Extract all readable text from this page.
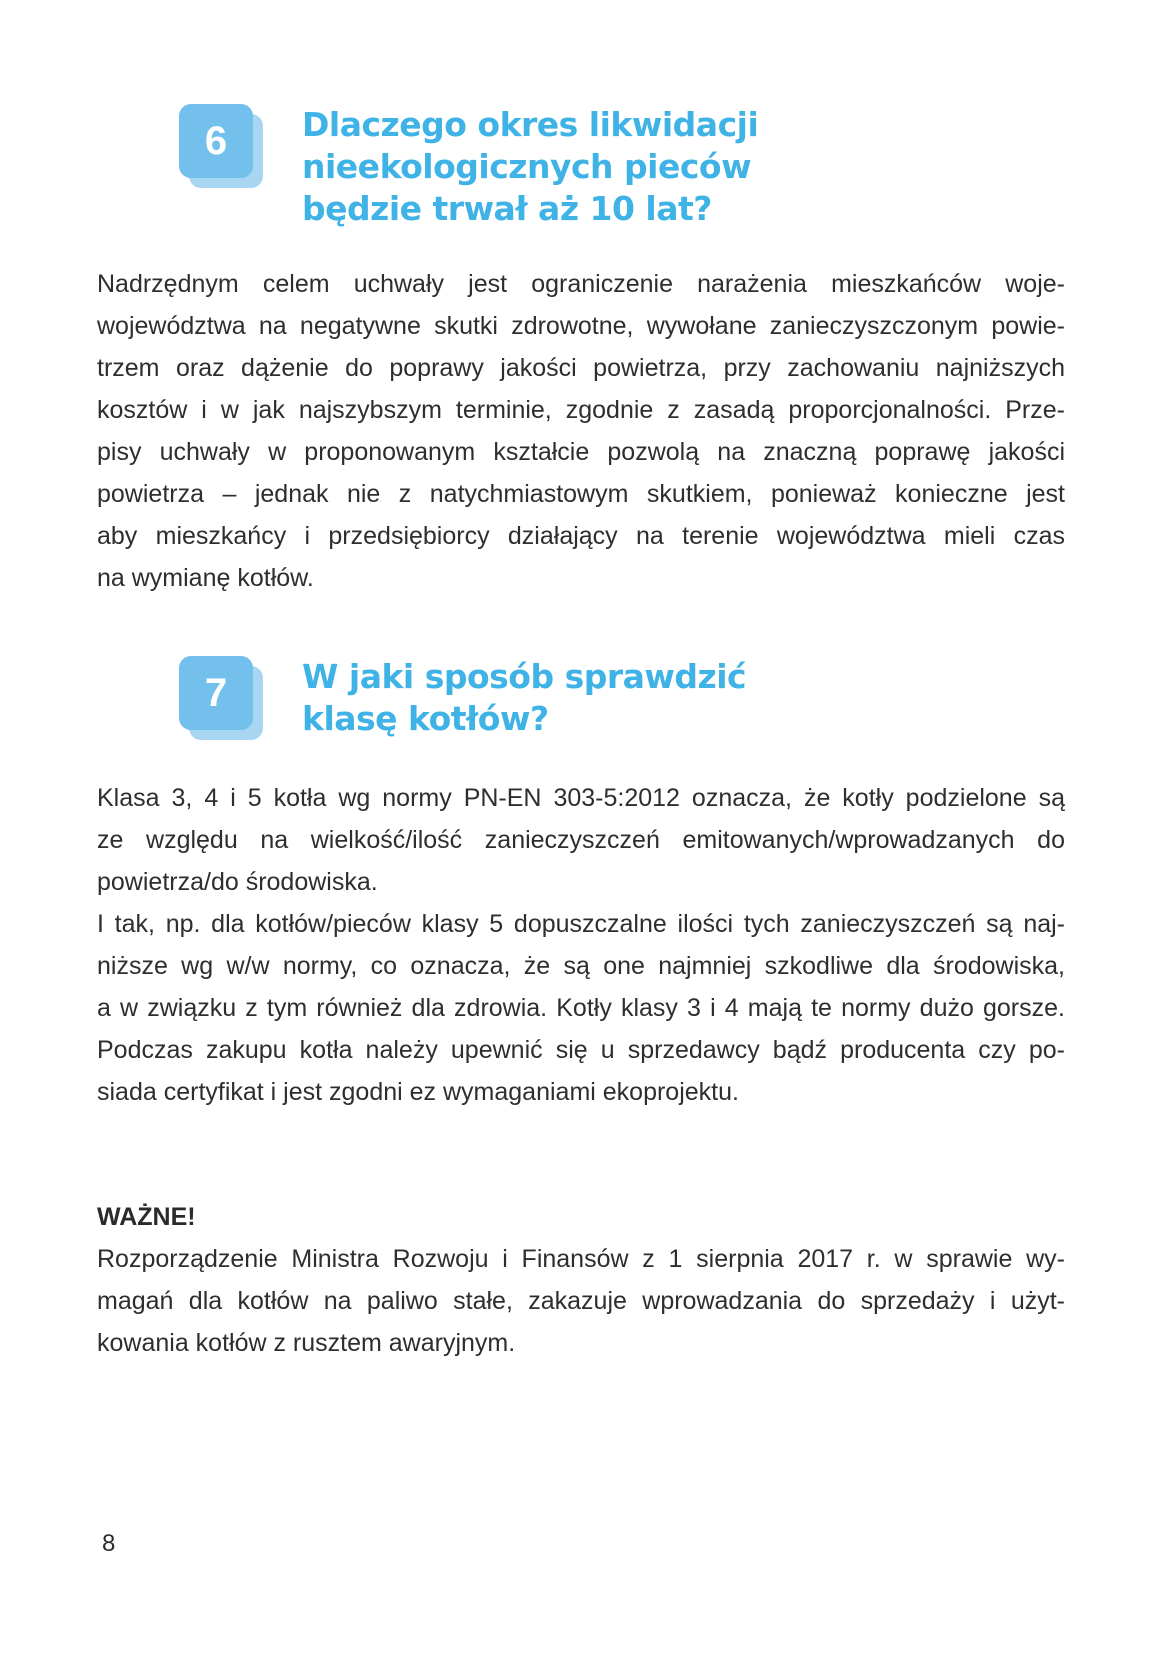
6	Dlaczego okres likwidacji
nieekologicznych pieców
będzie trwał aż 10 lat?
Nadrzędnym celem uchwały jest ograniczenie narażenia mieszkańców woje-
województwa na negatywne skutki zdrowotne, wywołane zanieczyszczonym powie-
trzem oraz dążenie do poprawy jakości powietrza, przy zachowaniu najniższych
kosztów i w jak najszybszym terminie, zgodnie z zasadą proporcjonalności. Prze-
pisy uchwały w proponowanym kształcie pozwolą na znaczną poprawę jakości
powietrza – jednak nie z natychmiastowym skutkiem, ponieważ konieczne jest
aby mieszkańcy i przedsiębiorcy działający na terenie województwa mieli czas
na wymianę kotłów.
7	W jaki sposób sprawdzić
klasę kotłów?
Klasa 3, 4 i 5 kotła wg normy PN-EN 303-5:2012 oznacza, że kotły podzielone są
ze względu na wielkość/ilość zanieczyszczeń emitowanych/wprowadzanych do
powietrza/do środowiska.
I tak, np. dla kotłów/pieców klasy 5 dopuszczalne ilości tych zanieczyszczeń są naj-
niższe wg w/w normy, co oznacza, że są one najmniej szkodliwe dla środowiska,
a w związku z tym również dla zdrowia. Kotły klasy 3 i 4 mają te normy dużo gorsze.
Podczas zakupu kotła należy upewnić się u sprzedawcy bądź producenta czy po-
siada certyfikat i jest zgodni ez wymaganiami ekoprojektu.
WAŻNE!
Rozporządzenie Ministra Rozwoju i Finansów z 1 sierpnia 2017 r. w sprawie wy-
magań dla kotłów na paliwo stałe, zakazuje wprowadzania do sprzedaży i użyt-
kowania kotłów z rusztem awaryjnym.
8
